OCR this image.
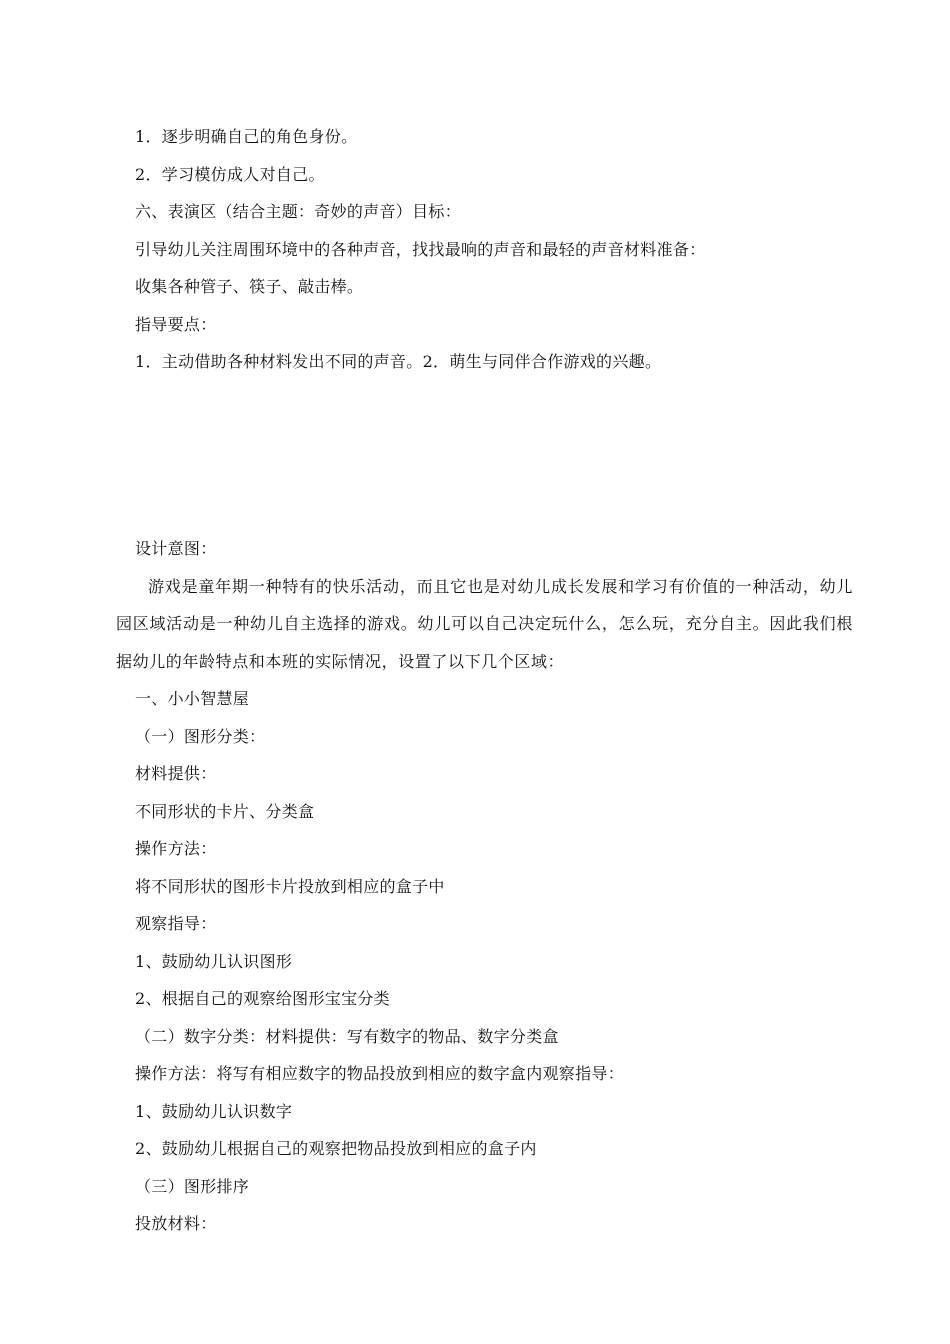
1．逐步明确自己的角色身份。
2．学习模仿成人对自己。
六、表演区（结合主题：奇妙的声音）目标：
引导幼儿关注周围环境中的各种声音，找找最响的声音和最轻的声音材料准备：
收集各种管子、筷子、敲击棒。
指导要点：
1．主动借助各种材料发出不同的声音。2．萌生与同伴合作游戏的兴趣。
设计意图：
游戏是童年期一种特有的快乐活动，而且它也是对幼儿成长发展和学习有价值的一种活动，幼儿园区域活动是一种幼儿自主选择的游戏。幼儿可以自己决定玩什么，怎么玩，充分自主。因此我们根据幼儿的年龄特点和本班的实际情况，设置了以下几个区域：
一、小小智慧屋
（一）图形分类：
材料提供：
不同形状的卡片、分类盒
操作方法：
将不同形状的图形卡片投放到相应的盒子中
观察指导：
1、鼓励幼儿认识图形
2、根据自己的观察给图形宝宝分类
（二）数字分类：材料提供：写有数字的物品、数字分类盒
操作方法：将写有相应数字的物品投放到相应的数字盒内观察指导：
1、鼓励幼儿认识数字
2、鼓励幼儿根据自己的观察把物品投放到相应的盒子内
（三）图形排序
投放材料：
